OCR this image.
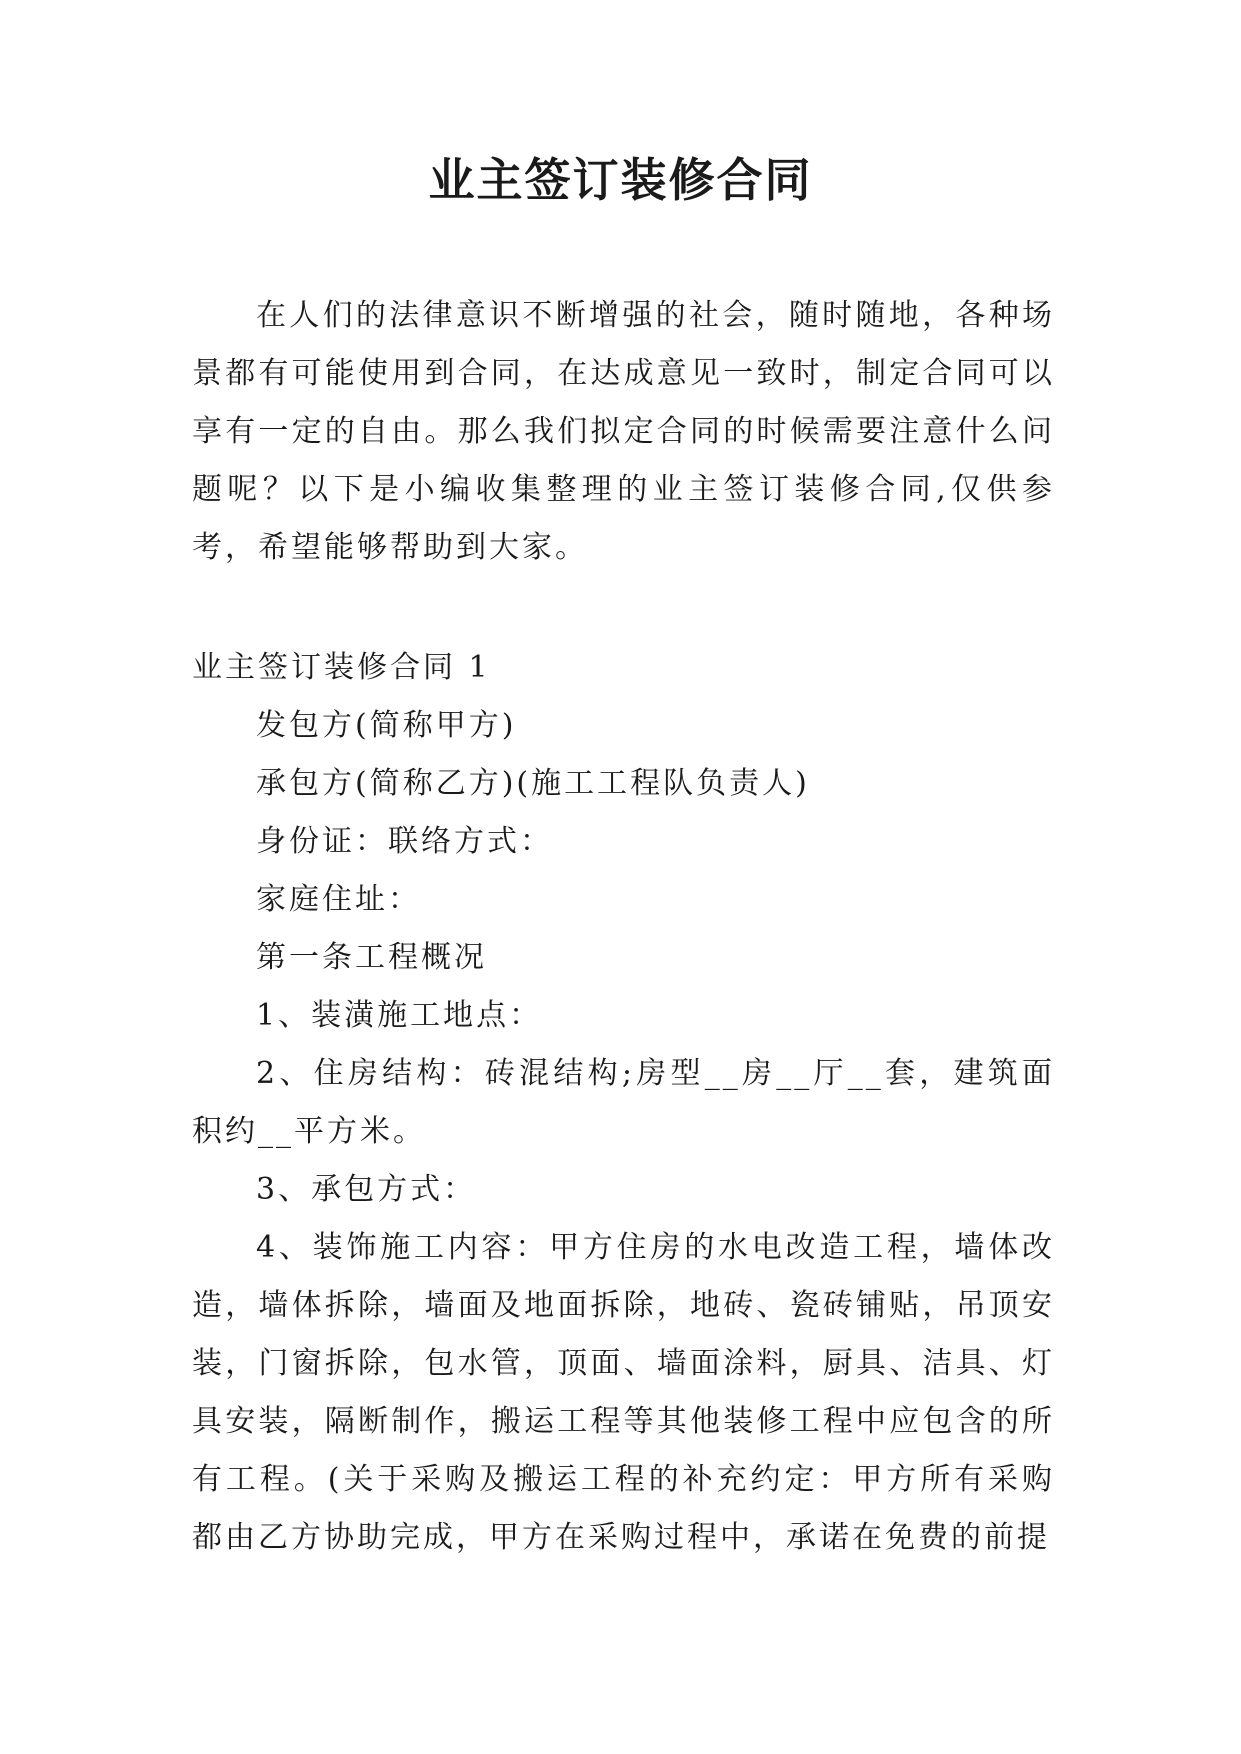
业主签订装修合同

在人们的法律意识不断增强的社会，随时随地，各种场景都有可能使用到合同，在达成意见一致时，制定合同可以享有一定的自由。那么我们拟定合同的时候需要注意什么问题呢？以下是小编收集整理的业主签订装修合同,仅供参考，希望能够帮助到大家。

业主签订装修合同 1

发包方(简称甲方)

承包方(简称乙方)(施工工程队负责人)

身份证：联络方式：

家庭住址：

第一条工程概况

1、装潢施工地点：

2、住房结构：砖混结构;房型__房__厅__套，建筑面积约__平方米。

3、承包方式：

4、装饰施工内容：甲方住房的水电改造工程，墙体改造，墙体拆除，墙面及地面拆除，地砖、瓷砖铺贴，吊顶安装，门窗拆除，包水管，顶面、墙面涂料，厨具、洁具、灯具安装，隔断制作，搬运工程等其他装修工程中应包含的所有工程。(关于采购及搬运工程的补充约定：甲方所有采购都由乙方协助完成，甲方在采购过程中，承诺在免费的前提
